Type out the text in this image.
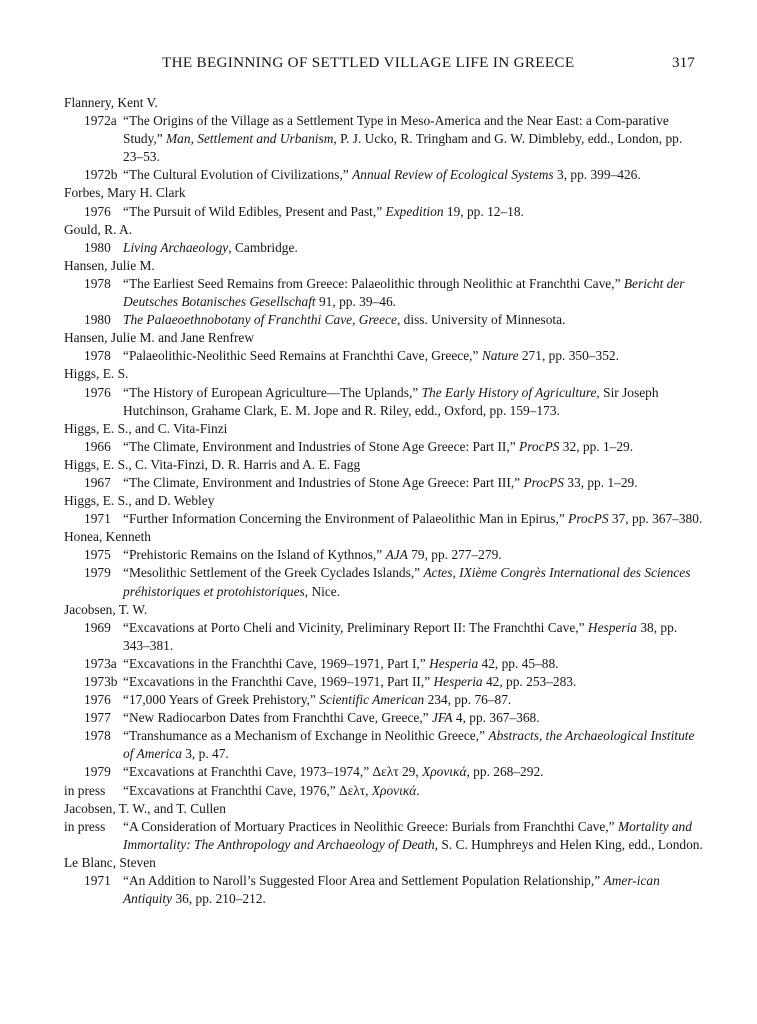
THE BEGINNING OF SETTLED VILLAGE LIFE IN GREECE	317
Flannery, Kent V.
1972a “The Origins of the Village as a Settlement Type in Meso-America and the Near East: a Com-parative Study,” Man, Settlement and Urbanism, P. J. Ucko, R. Tringham and G. W. Dimbleby, edd., London, pp. 23–53.
1972b “The Cultural Evolution of Civilizations,” Annual Review of Ecological Systems 3, pp. 399–426.
Forbes, Mary H. Clark
1976 “The Pursuit of Wild Edibles, Present and Past,” Expedition 19, pp. 12–18.
Gould, R. A.
1980 Living Archaeology, Cambridge.
Hansen, Julie M.
1978 “The Earliest Seed Remains from Greece: Palaeolithic through Neolithic at Franchthi Cave,” Bericht der Deutsches Botanisches Gesellschaft 91, pp. 39–46.
1980 The Palaeoethnobotany of Franchthi Cave, Greece, diss. University of Minnesota.
Hansen, Julie M. and Jane Renfrew
1978 “Palaeolithic-Neolithic Seed Remains at Franchthi Cave, Greece,” Nature 271, pp. 350–352.
Higgs, E. S.
1976 “The History of European Agriculture—The Uplands,” The Early History of Agriculture, Sir Joseph Hutchinson, Grahame Clark, E. M. Jope and R. Riley, edd., Oxford, pp. 159–173.
Higgs, E. S., and C. Vita-Finzi
1966 “The Climate, Environment and Industries of Stone Age Greece: Part II,” ProcPS 32, pp. 1–29.
Higgs, E. S., C. Vita-Finzi, D. R. Harris and A. E. Fagg
1967 “The Climate, Environment and Industries of Stone Age Greece: Part III,” ProcPS 33, pp. 1–29.
Higgs, E. S., and D. Webley
1971 “Further Information Concerning the Environment of Palaeolithic Man in Epirus,” ProcPS 37, pp. 367–380.
Honea, Kenneth
1975 “Prehistoric Remains on the Island of Kythnos,” AJA 79, pp. 277–279.
1979 “Mesolithic Settlement of the Greek Cyclades Islands,” Actes, IXième Congrès International des Sciences préhistoriques et protohistoriques, Nice.
Jacobsen, T. W.
1969 “Excavations at Porto Cheli and Vicinity, Preliminary Report II: The Franchthi Cave,” Hesperia 38, pp. 343–381.
1973a “Excavations in the Franchthi Cave, 1969–1971, Part I,” Hesperia 42, pp. 45–88.
1973b “Excavations in the Franchthi Cave, 1969–1971, Part II,” Hesperia 42, pp. 253–283.
1976 “17,000 Years of Greek Prehistory,” Scientific American 234, pp. 76–87.
1977 “New Radiocarbon Dates from Franchthi Cave, Greece,” JFA 4, pp. 367–368.
1978 “Transhumance as a Mechanism of Exchange in Neolithic Greece,” Abstracts, the Archaeological Institute of America 3, p. 47.
1979 “Excavations at Franchthi Cave, 1973–1974,” Δελτ 29, Χρονικά, pp. 268–292.
in press “Excavations at Franchthi Cave, 1976,” Δελτ, Χρονικά.
Jacobsen, T. W., and T. Cullen
in press “A Consideration of Mortuary Practices in Neolithic Greece: Burials from Franchthi Cave,” Mortality and Immortality: The Anthropology and Archaeology of Death, S. C. Humphreys and Helen King, edd., London.
Le Blanc, Steven
1971 “An Addition to Naroll’s Suggested Floor Area and Settlement Population Relationship,” Amer-ican Antiquity 36, pp. 210–212.
